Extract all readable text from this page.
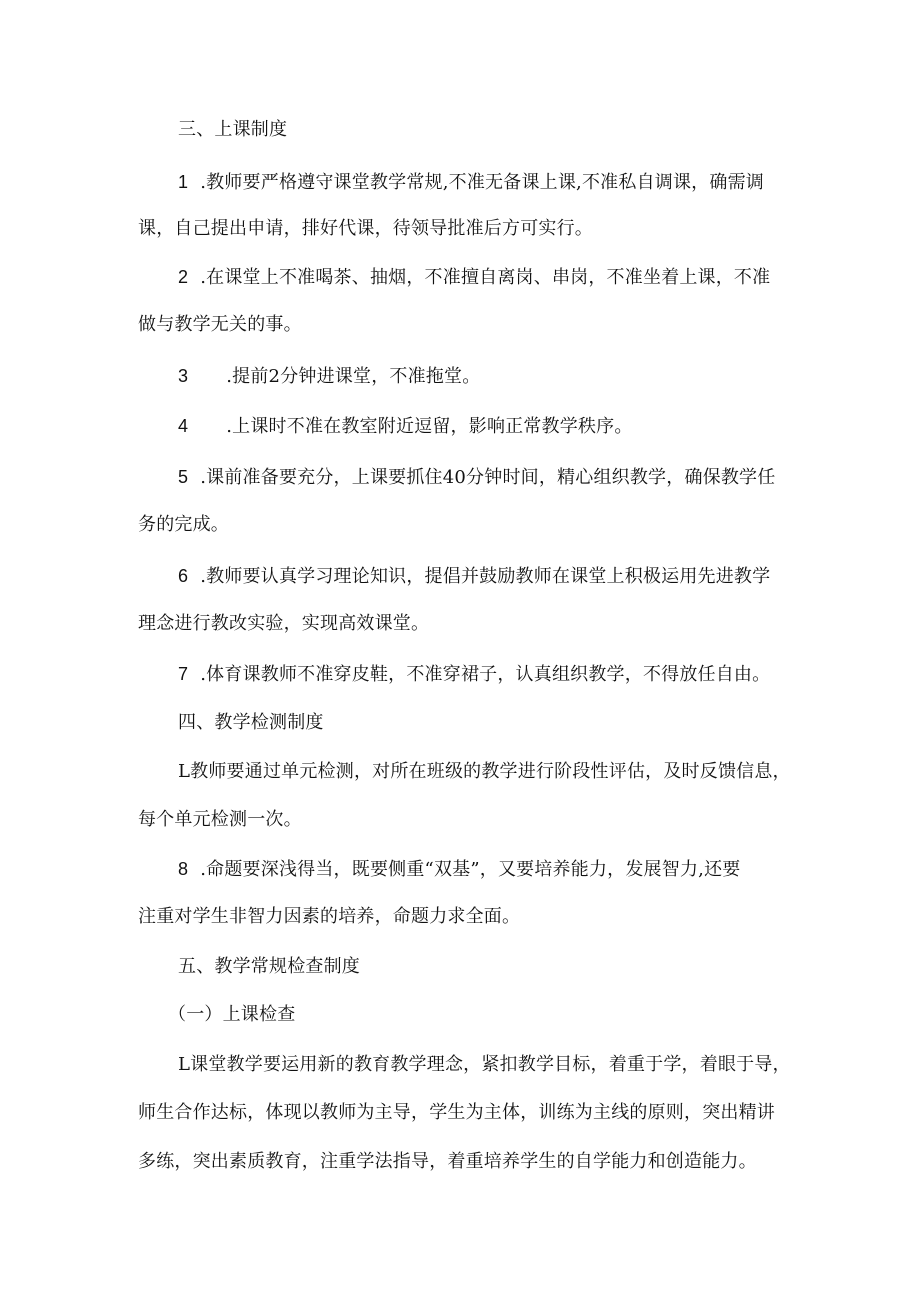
三、上课制度
1 .教师要严格遵守课堂教学常规,不准无备课上课,不准私自调课，确需调
课，自己提出申请，排好代课，待领导批准后方可实行。
2 .在课堂上不准喝茶、抽烟，不准擅自离岗、串岗，不准坐着上课，不准
做与教学无关的事。
3 .提前2分钟进课堂，不准拖堂。
4 .上课时不准在教室附近逗留，影响正常教学秩序。
5 .课前准备要充分，上课要抓住40分钟时间，精心组织教学，确保教学任
务的完成。
6 .教师要认真学习理论知识，提倡并鼓励教师在课堂上积极运用先进教学
理念进行教改实验，实现高效课堂。
7 .体育课教师不准穿皮鞋，不准穿裙子，认真组织教学，不得放任自由。
四、教学检测制度
L教师要通过单元检测，对所在班级的教学进行阶段性评估，及时反馈信息，
每个单元检测一次。
8 .命题要深浅得当，既要侧重“双基”，又要培养能力，发展智力,还要
注重对学生非智力因素的培养，命题力求全面。
五、教学常规检查制度
（一）上课检查
L课堂教学要运用新的教育教学理念，紧扣教学目标，着重于学，着眼于导，
师生合作达标，体现以教师为主导，学生为主体，训练为主线的原则，突出精讲
多练，突出素质教育，注重学法指导，着重培养学生的自学能力和创造能力。
